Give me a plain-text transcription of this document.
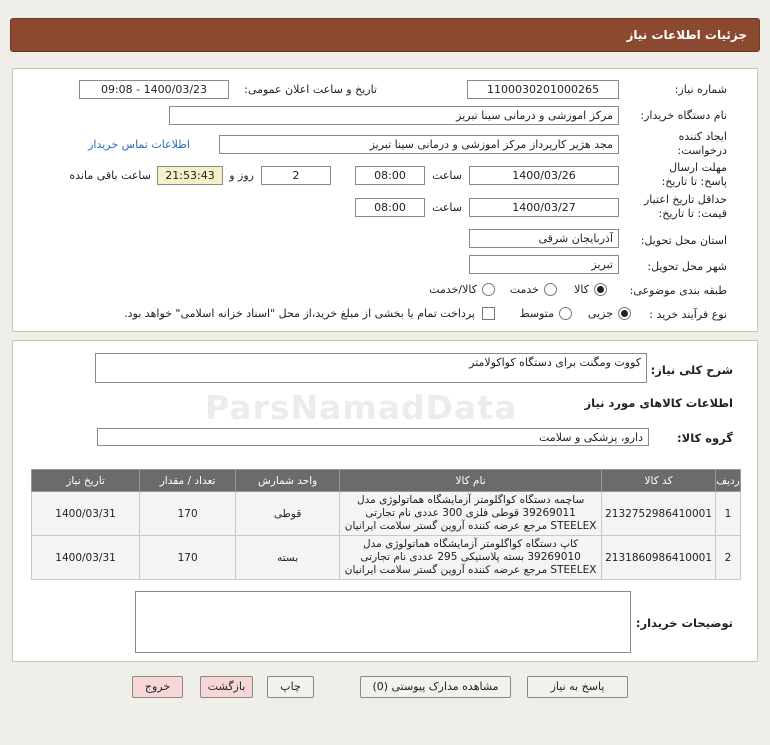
جزئیات اطلاعات نیاز
شماره نیاز:
1100030201000265
تاریخ و ساعت اعلان عمومی:
1400/03/23 - 09:08
نام دستگاه خریدار:
مرکز اموزشی و درمانی سینا تبریز
ایجاد کننده درخواست:
مجد هژیر کارپرداز مرکز اموزشی و درمانی سینا تبریز
اطلاعات تماس خریدار
مهلت ارسال پاسخ: تا تاریخ:
1400/03/26
ساعت
08:00
2
روز و
21:53:43
ساعت باقی مانده
حداقل تاریخ اعتبار قیمت: تا تاریخ:
1400/03/27
ساعت
08:00
استان محل تحویل:
آذربایجان شرقی
شهر محل تحویل:
تبریز
طبقه بندی موضوعی:
کالا
خدمت
کالا/خدمت
نوع فرآیند خرید :
جزیی
متوسط
پرداخت تمام یا بخشی از مبلغ خرید،از محل "اسناد خزانه اسلامی" خواهد بود.
شرح کلی نیاز:
کووت ومگنت برای دستگاه کواکولامتر
اطلاعات کالاهای مورد نیاز
گروه کالا:
دارو، پزشکی و سلامت
ردیف	کد کالا	نام کالا	واحد شمارش	تعداد / مقدار	تاریخ نیاز
1	2132752986410001	ساچمه دستگاه کواگلومتر آزمایشگاه هماتولوژی مدل 39269011 قوطی فلزی 300 عددی نام تجارتی STEELEX مرجع عرضه کننده آروین گستر سلامت ایرانیان	قوطی	170	1400/03/31
2	2131860986410001	کاپ دستگاه کواگلومتر آزمایشگاه هماتولوژی مدل 39269010 بسته پلاستیکی 295 عددی نام تجارتی STEELEX مرجع عرضه کننده آروین گستر سلامت ایرانیان	بسته	170	1400/03/31
توضیحات خریدار:
ParsNamadData
پاسخ به نیاز
مشاهده مدارک پیوستی (0)
چاپ
بازگشت
خروج
